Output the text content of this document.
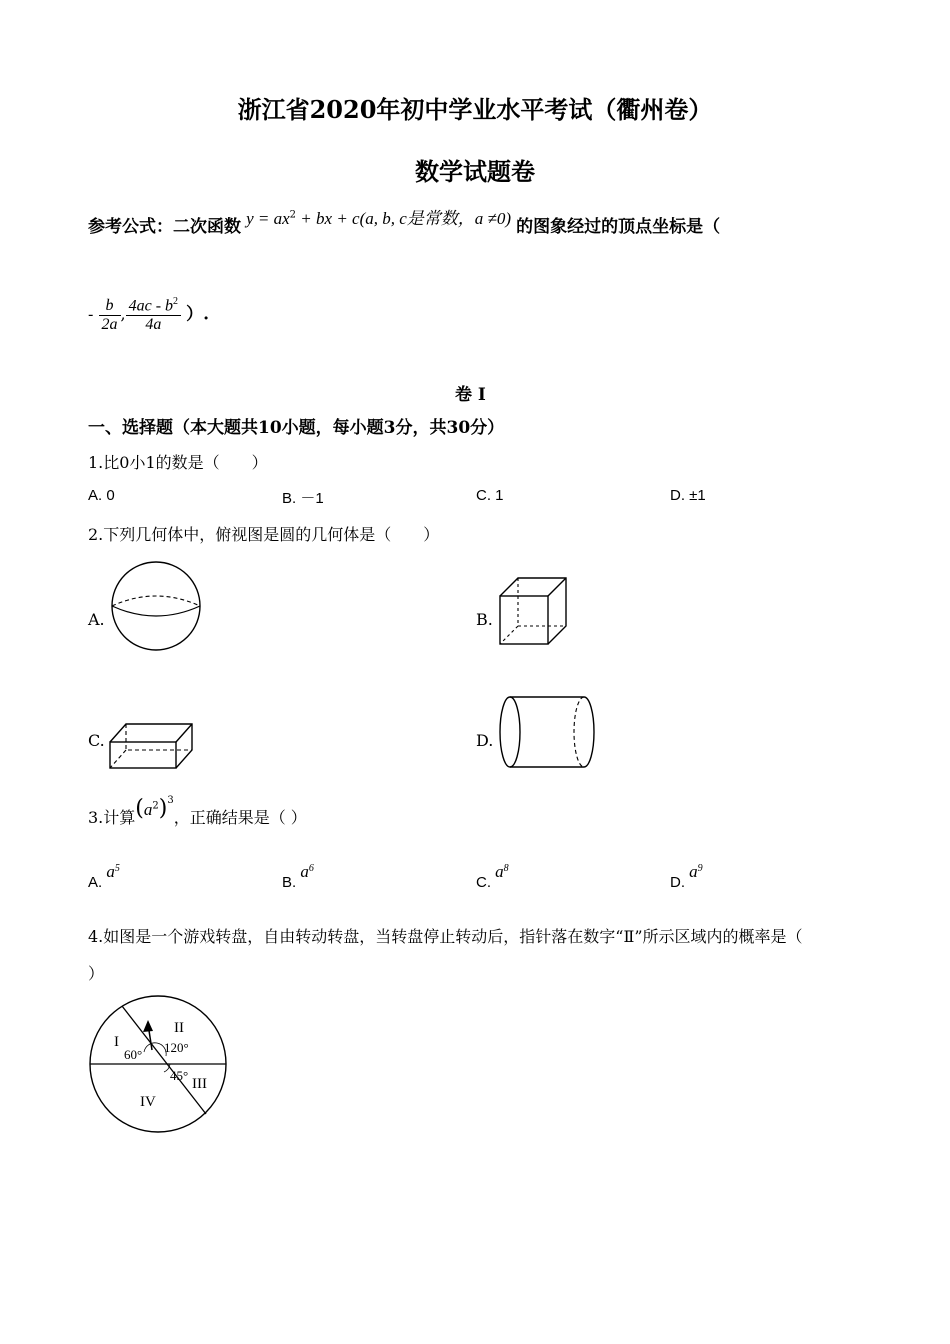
浙江省2020年初中学业水平考试（衢州卷）
数学试题卷
参考公式：二次函数 $y = ax^2$ + bx + c(a, b, c是常数，a ≠0) 的图象经过的顶点坐标是（
- $\frac{b}{2a}$ , $\frac{4ac - b^2}{4a}$ ）.
卷 I
一、选择题（本大题共10小题，每小题3分，共30分）
1.比0小1的数是（　　）
A. 0	B. －1	C. 1	D. ±1
2.下列几何体中，俯视图是圆的几何体是（　　）
A.	B.
C.	D.
3.计算$(a^2)^3$，正确结果是（ ）
A. $a^5$
B. $a^6$
C. $a^8$
D. $a^9$
4.如图是一个游戏转盘，自由转动转盘，当转盘停止转动后，指针落在数字“Ⅱ”所示区域内的概率是（
）
I
II
III
IV
60° 120°
45°
